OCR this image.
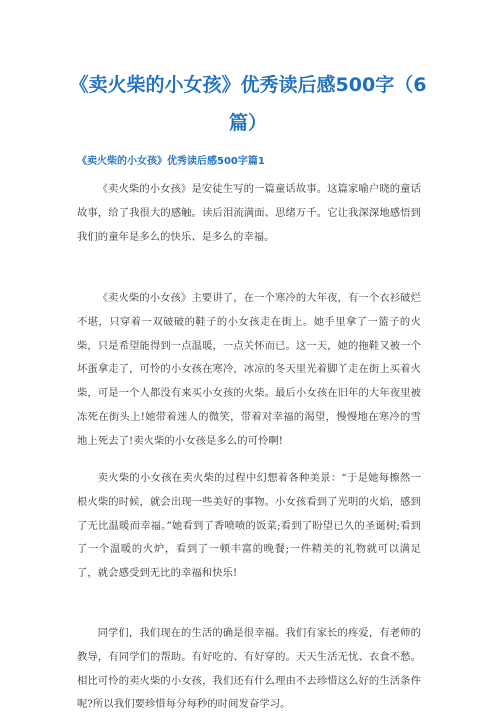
《卖火柴的小女孩》优秀读后感500字（6篇）
《卖火柴的小女孩》优秀读后感500字篇1

《卖火柴的小女孩》是安徒生写的一篇童话故事。这篇家喻户晓的童话故事，给了我很大的感触。读后泪流满面、思绪万千。它让我深深地感悟到我们的童年是多么的快乐、是多么的幸福。

《卖火柴的小女孩》主要讲了，在一个寒冷的大年夜，有一个衣衫破烂不堪，只穿着一双破破的鞋子的小女孩走在街上。她手里拿了一篮子的火柴，只是希望能得到一点温暖，一点关怀而已。这一天，她的拖鞋又被一个坏蛋拿走了，可怜的小女孩在寒冷，冰凉的冬天里光着脚丫走在街上买着火柴，可是一个人都没有来买小女孩的火柴。最后小女孩在旧年的大年夜里被冻死在街头上!她带着迷人的微笑，带着对幸福的渴望，慢慢地在寒冷的雪地上死去了!卖火柴的小女孩是多么的可怜啊!

卖火柴的小女孩在卖火柴的过程中幻想着各种美景：“于是她每擦然一根火柴的时候，就会出现一些美好的事物。小女孩看到了光明的火焰，感到了无比温暖而幸福。”她看到了香喷喷的饭菜;看到了盼望已久的圣诞树;看到了一个温暖的火炉，看到了一顿丰富的晚餐;一件精美的礼物就可以满足了，就会感受到无比的幸福和快乐!

同学们，我们现在的生活的确是很幸福。我们有家长的疼爱，有老师的教导，有同学们的帮助。有好吃的、有好穿的。天天生活无忧、衣食不愁。相比可怜的卖火柴的小女孩，我们还有什么理由不去珍惜这么好的生活条件呢?所以我们要珍惜每分每秒的时间发奋学习。
